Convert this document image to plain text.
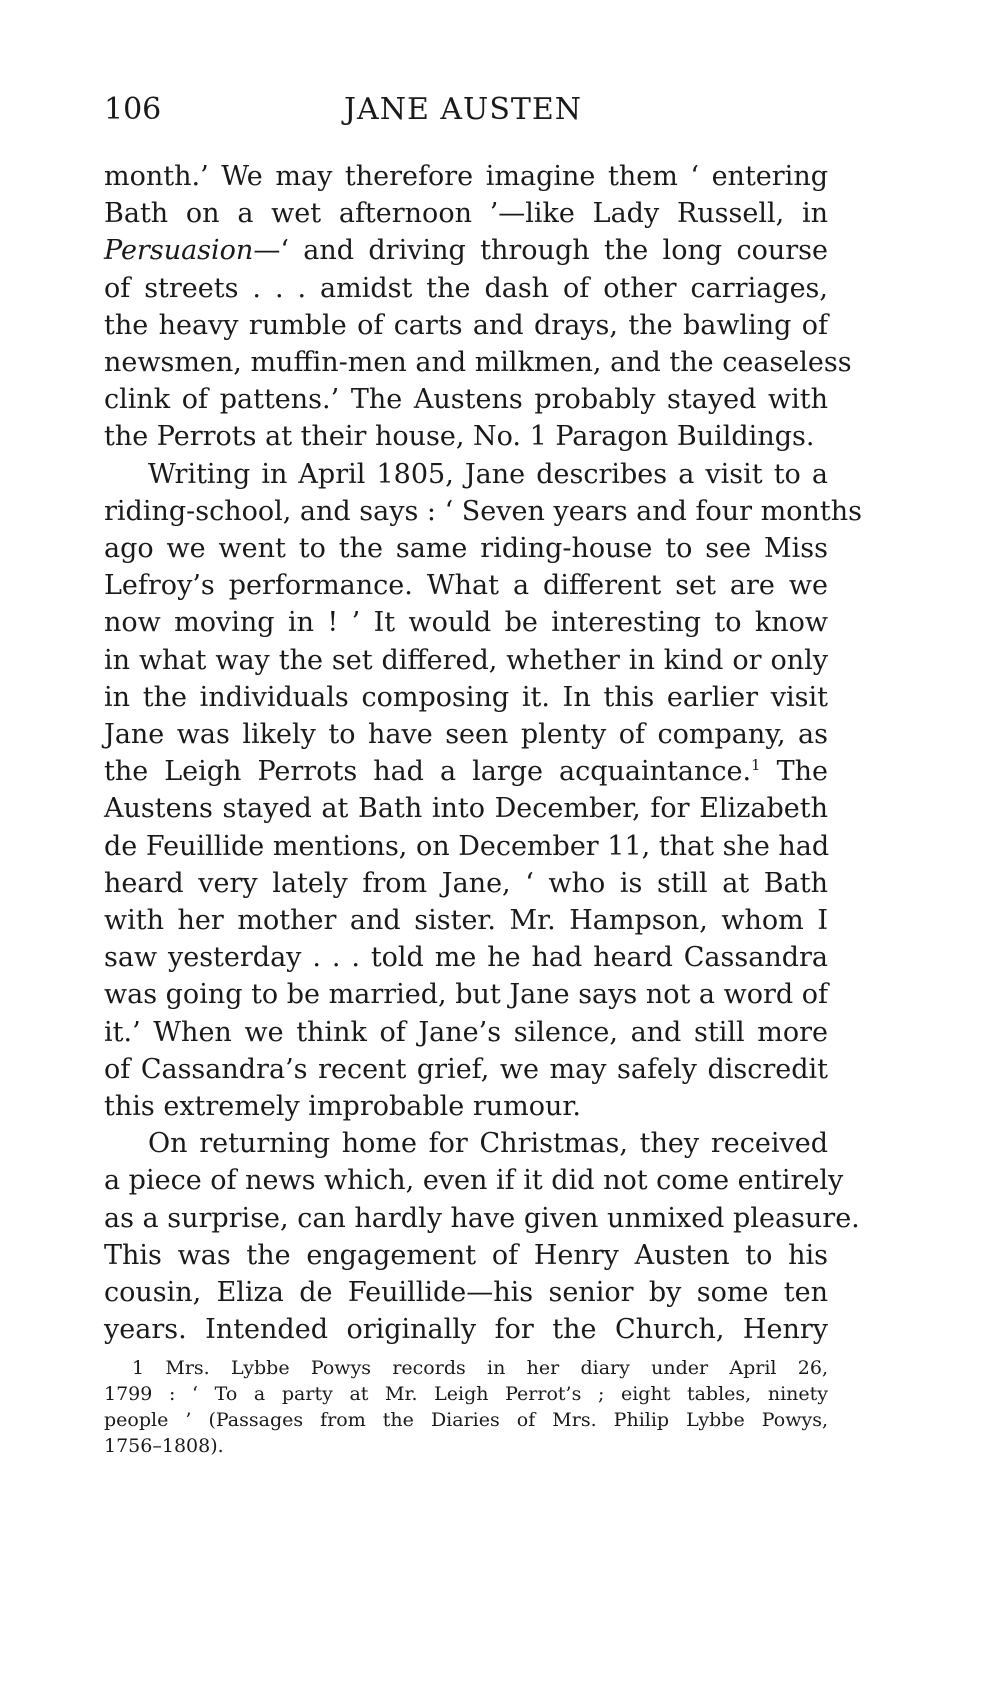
106	JANE AUSTEN
month.’ We may therefore imagine them ‘ entering
Bath on a wet afternoon ’—like Lady Russell, in
Persuasion—‘ and driving through the long course
of streets . . . amidst the dash of other carriages,
the heavy rumble of carts and drays, the bawling of
newsmen, muffin-men and milkmen, and the ceaseless
clink of pattens.’ The Austens probably stayed with
the Perrots at their house, No. 1 Paragon Buildings.
Writing in April 1805, Jane describes a visit to a
riding-school, and says : ‘ Seven years and four months
ago we went to the same riding-house to see Miss
Lefroy’s performance. What a different set are we
now moving in ! ’ It would be interesting to know
in what way the set differed, whether in kind or only
in the individuals composing it. In this earlier visit
Jane was likely to have seen plenty of company, as
the Leigh Perrots had a large acquaintance.$^1$ The
Austens stayed at Bath into December, for Elizabeth
de Feuillide mentions, on December 11, that she had
heard very lately from Jane, ‘ who is still at Bath
with her mother and sister. Mr. Hampson, whom I
saw yesterday . . . told me he had heard Cassandra
was going to be married, but Jane says not a word of
it.’ When we think of Jane’s silence, and still more
of Cassandra’s recent grief, we may safely discredit
this extremely improbable rumour.
On returning home for Christmas, they received
a piece of news which, even if it did not come entirely
as a surprise, can hardly have given unmixed pleasure.
This was the engagement of Henry Austen to his
cousin, Eliza de Feuillide—his senior by some ten
years. Intended originally for the Church, Henry
1 Mrs. Lybbe Powys records in her diary under April 26,
1799 : ‘ To a party at Mr. Leigh Perrot’s ; eight tables, ninety
people ’ (Passages from the Diaries of Mrs. Philip Lybbe Powys,
1756–1808).
